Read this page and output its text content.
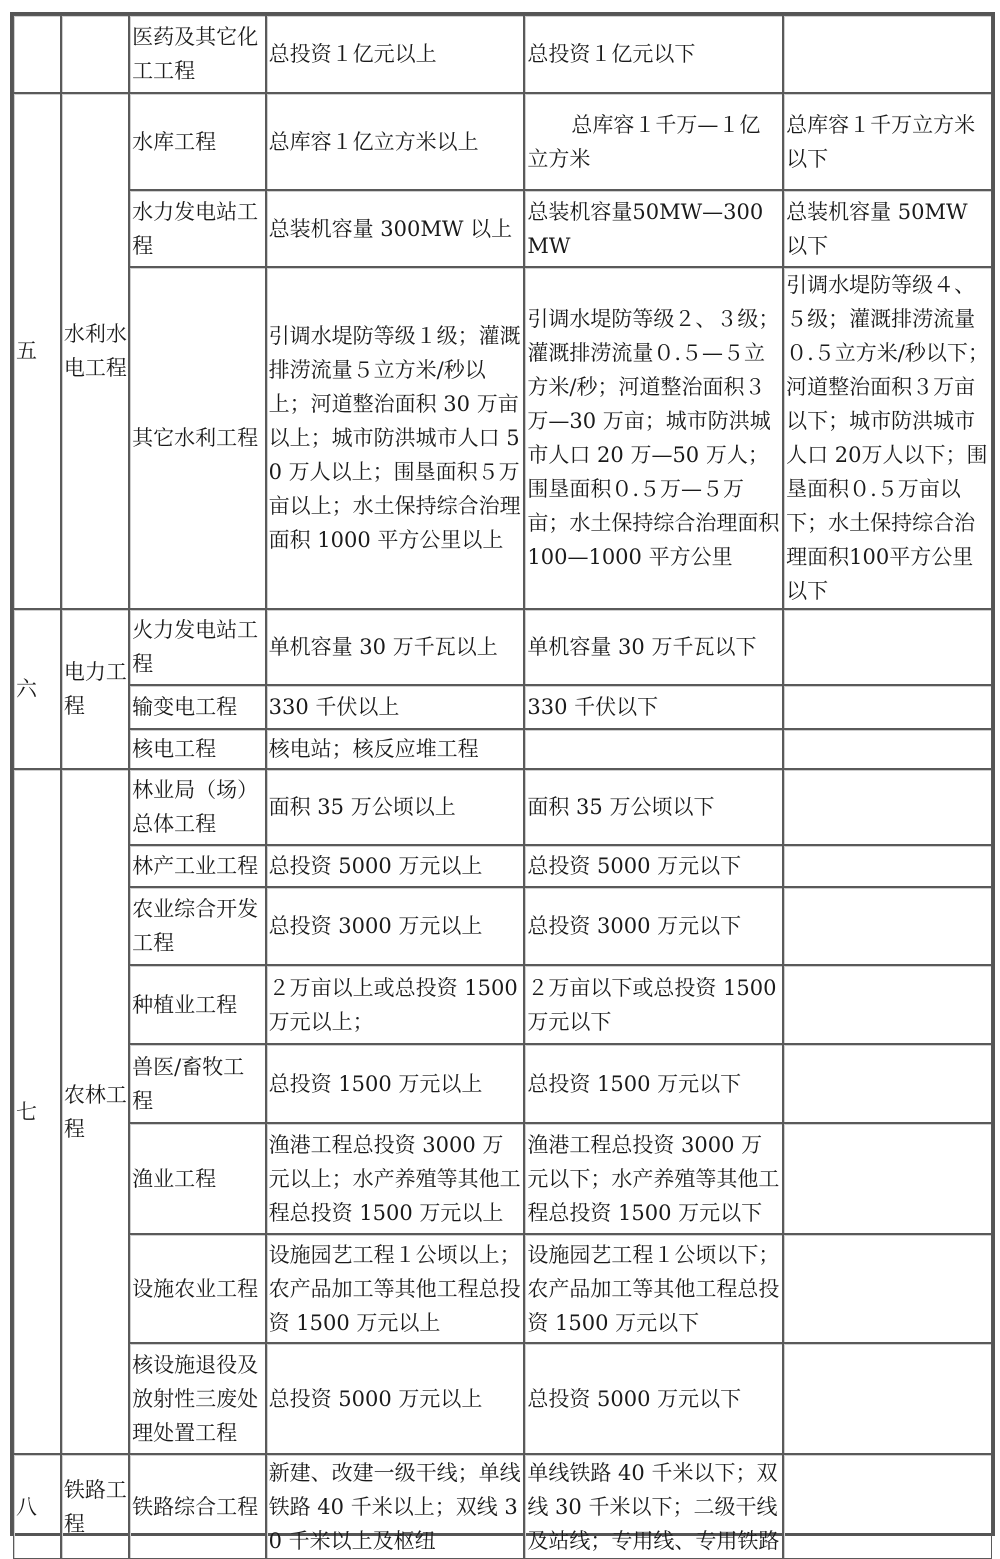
		医药及其它化工工程	总投资１亿元以上	总投资１亿元以下	
五	水利水电工程	水库工程	总库容１亿立方米以上	总库容１千万—１亿立方米	总库容１千万立方米以下
		水力发电站工程	总装机容量 300MW 以上	总装机容量50MW—300MW	总装机容量 50MW 以下
		其它水利工程	引调水堤防等级１级；灌溉排涝流量５立方米/秒以上；河道整治面积 30 万亩以上；城市防洪城市人口 50 万人以上；围垦面积５万亩以上；水土保持综合治理面积 1000 平方公里以上	引调水堤防等级２、３级；灌溉排涝流量０.５—５立方米/秒；河道整治面积３万—30 万亩；城市防洪城市人口 20 万—50 万人；围垦面积０.５万—５万亩；水土保持综合治理面积100—1000 平方公里	引调水堤防等级４、５级；灌溉排涝流量０.５立方米/秒以下；河道整治面积３万亩以下；城市防洪城市人口 20万人以下；围垦面积０.５万亩以下；水土保持综合治理面积100平方公里以下
六	电力工程	火力发电站工程	单机容量 30 万千瓦以上	单机容量 30 万千瓦以下	
		输变电工程	330 千伏以上	330 千伏以下	
		核电工程	核电站；核反应堆工程		
七	农林工程	林业局（场）总体工程	面积 35 万公顷以上	面积 35 万公顷以下	
		林产工业工程	总投资 5000 万元以上	总投资 5000 万元以下	
		农业综合开发工程	总投资 3000 万元以上	总投资 3000 万元以下	
		种植业工程	２万亩以上或总投资 1500 万元以上；	２万亩以下或总投资 1500 万元以下	
		兽医/畜牧工程	总投资 1500 万元以上	总投资 1500 万元以下	
		渔业工程	渔港工程总投资 3000 万元以上；水产养殖等其他工程总投资 1500 万元以上	渔港工程总投资 3000 万元以下；水产养殖等其他工程总投资 1500 万元以下	
		设施农业工程	设施园艺工程１公顷以上；农产品加工等其他工程总投资 1500 万元以上	设施园艺工程１公顷以下；农产品加工等其他工程总投资 1500 万元以下	
		核设施退役及放射性三废处理处置工程	总投资 5000 万元以上	总投资 5000 万元以下	
八	铁路工程	铁路综合工程	新建、改建一级干线；单线铁路 40 千米以上；双线 30 千米以上及枢纽	单线铁路 40 千米以下；双线 30 千米以下；二级干线及站线；专用线、专用铁路	
